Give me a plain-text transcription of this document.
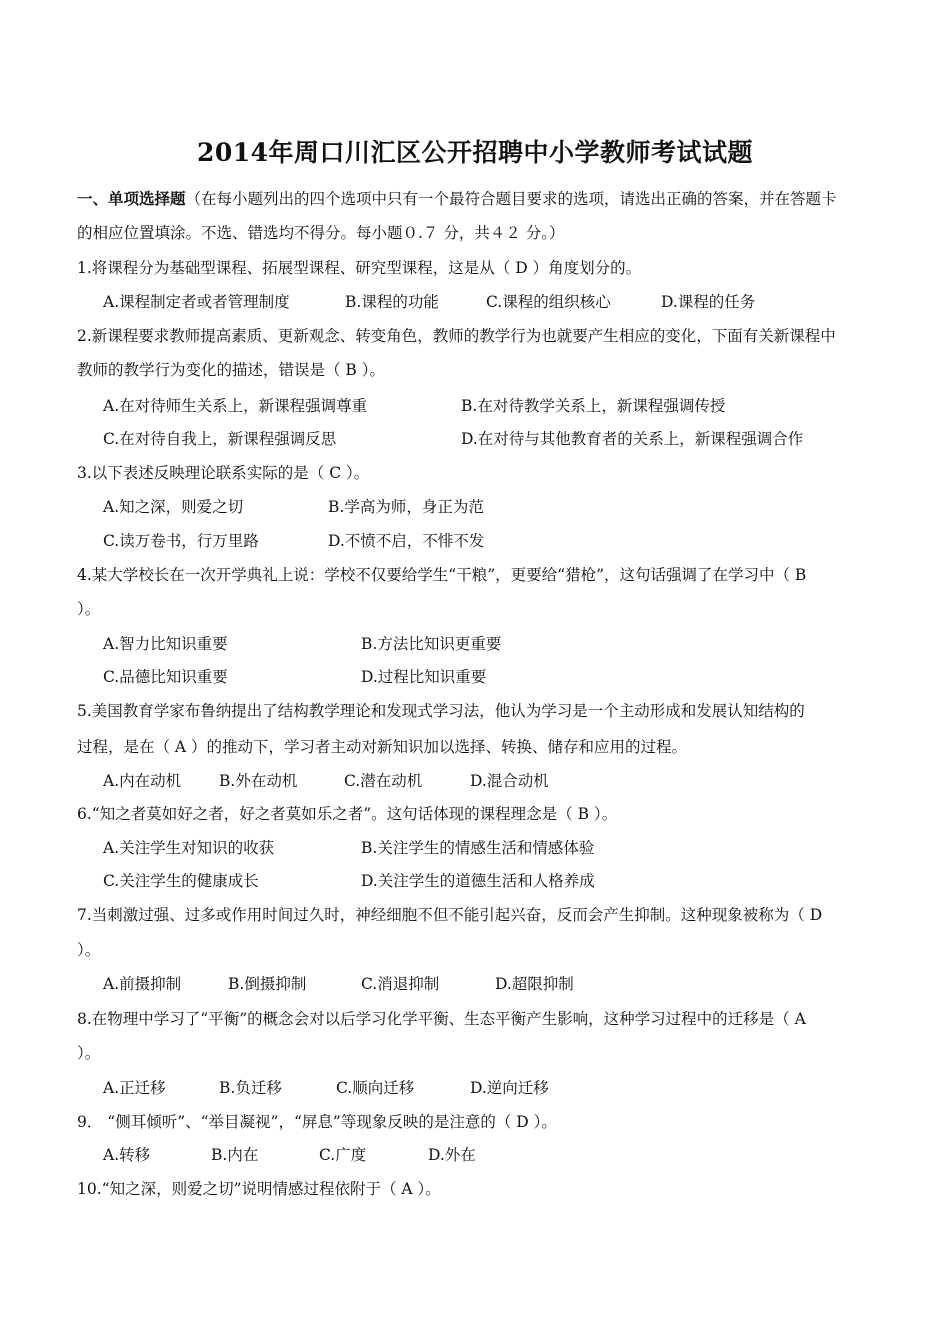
2014年周口川汇区公开招聘中小学教师考试试题
一、单项选择题（在每小题列出的四个选项中只有一个最符合题目要求的选项，请选出正确的答案，并在答题卡
的相应位置填涂。不选、错选均不得分。每小题０.７ 分，共４２ 分。）
1.将课程分为基础型课程、拓展型课程、研究型课程，这是从（ D ）角度划分的。
A.课程制定者或者管理制度	B.课程的功能	C.课程的组织核心	D.课程的任务
2.新课程要求教师提高素质、更新观念、转变角色，教师的教学行为也就要产生相应的变化，下面有关新课程中
教师的教学行为变化的描述，错误是（ B ）。
A.在对待师生关系上，新课程强调尊重	B.在对待教学关系上，新课程强调传授
C.在对待自我上，新课程强调反思	D.在对待与其他教育者的关系上，新课程强调合作
3.以下表述反映理论联系实际的是（ C ）。
A.知之深，则爱之切	B.学高为师，身正为范
C.读万卷书，行万里路	D.不愤不启，不悱不发
4.某大学校长在一次开学典礼上说：学校不仅要给学生“干粮”，更要给“猎枪”，这句话强调了在学习中（ B
）。
A.智力比知识重要	B.方法比知识更重要
C.品德比知识重要	D.过程比知识重要
5.美国教育学家布鲁纳提出了结构教学理论和发现式学习法，他认为学习是一个主动形成和发展认知结构的
过程，是在（ A ）的推动下，学习者主动对新知识加以选择、转换、储存和应用的过程。
A.内在动机 B.外在动机	C.潜在动机	D.混合动机
6.“知之者莫如好之者，好之者莫如乐之者”。这句话体现的课程理念是（ B ）。
A.关注学生对知识的收获	B.关注学生的情感生活和情感体验
C.关注学生的健康成长	D.关注学生的道德生活和人格养成
7.当刺激过强、过多或作用时间过久时，神经细胞不但不能引起兴奋，反而会产生抑制。这种现象被称为（ D
）。
A.前摄抑制	B.倒摄抑制	C.消退抑制	D.超限抑制
8.在物理中学习了“平衡”的概念会对以后学习化学平衡、生态平衡产生影响，这种学习过程中的迁移是（ A
）。
A.正迁移	B.负迁移	C.顺向迁移	D.逆向迁移
9． “侧耳倾听”、“举目凝视”，“屏息”等现象反映的是注意的（ D ）。
A.转移	B.内在	C.广度	D.外在
10.“知之深，则爱之切”说明情感过程依附于（ A ）。
